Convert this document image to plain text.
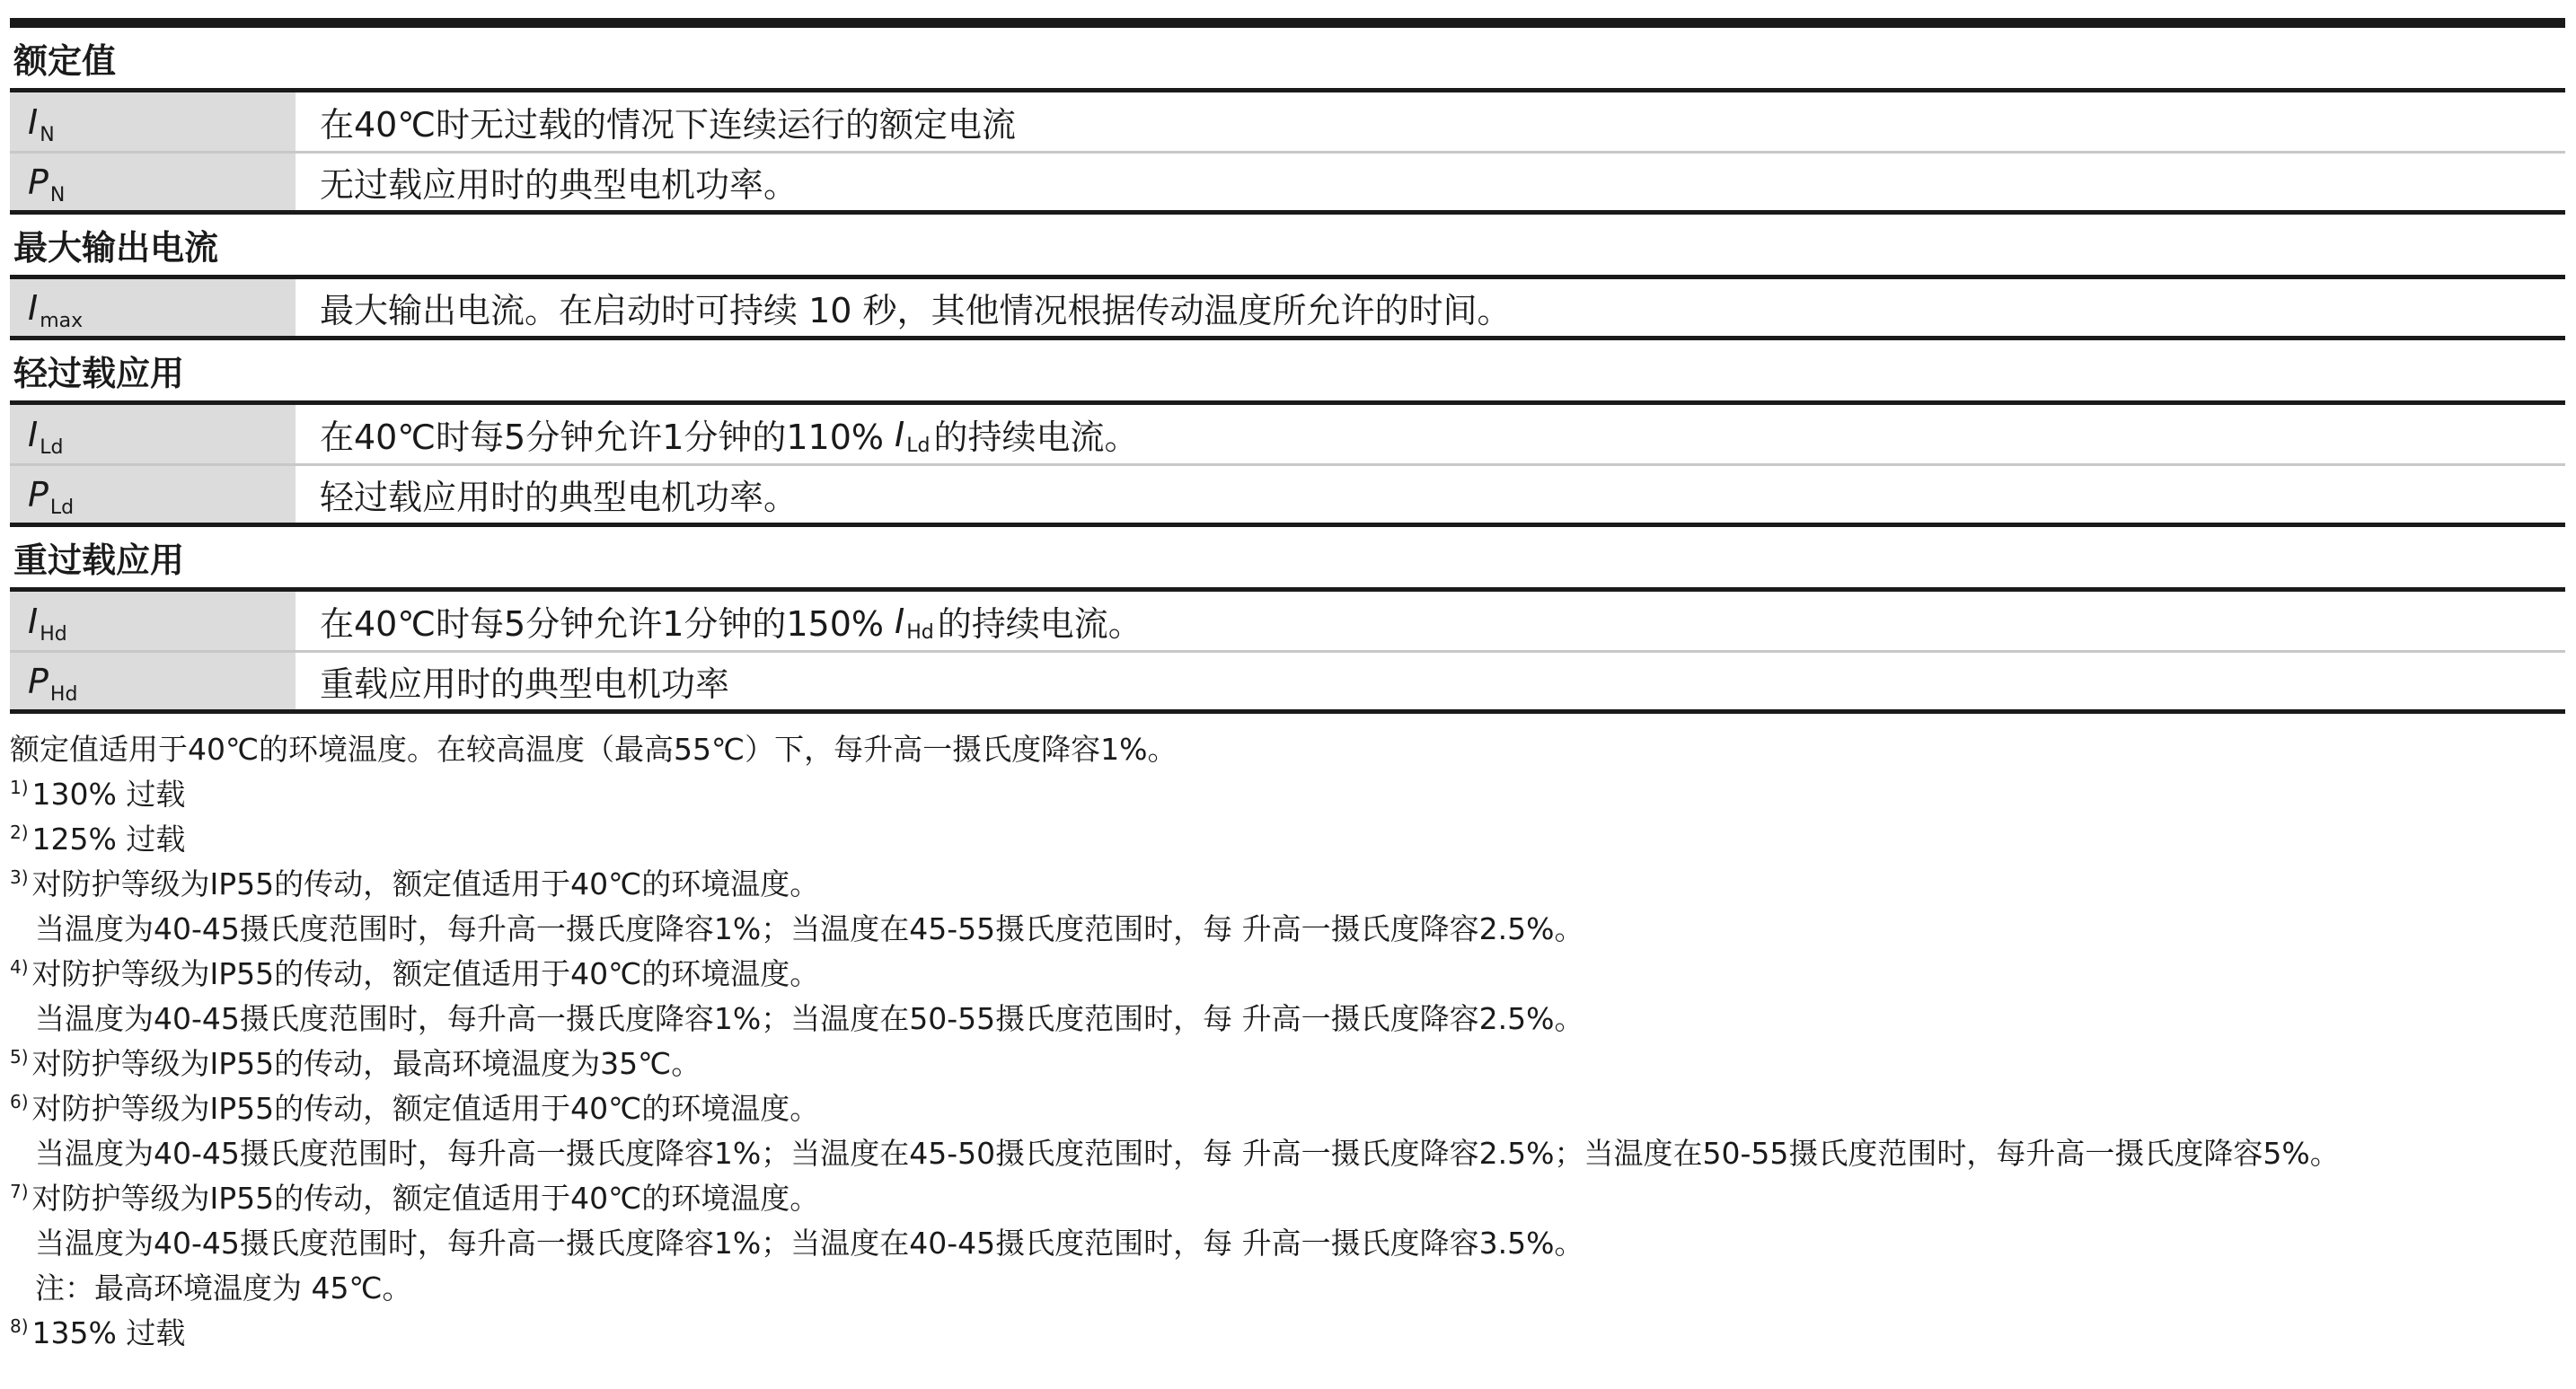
额定值
I N	在40℃时无过载的情况下连续运行的额定电流
P N	无过载应用时的典型电机功率。
最大输出电流
I max	最大输出电流。在启动时可持续 10 秒，其他情况根据传动温度所允许的时间。
轻过载应用
I Ld	在40℃时每5分钟允许1分钟的110% I Ld 的持续电流。
P Ld	轻过载应用时的典型电机功率。
重过载应用
I Hd	在40℃时每5分钟允许1分钟的150% I Hd 的持续电流。
P Hd	重载应用时的典型电机功率
额定值适用于40℃的环境温度。在较高温度（最高55℃）下，每升高一摄氏度降容1%。
$^{1)}$ 130% 过载
$^{2)}$ 125% 过载
$^{3)}$ 对防护等级为IP55的传动，额定值适用于40℃的环境温度。
当温度为40-45摄氏度范围时，每升高一摄氏度降容1%；当温度在45-55摄氏度范围时，每 升高一摄氏度降容2.5%。
$^{4)}$ 对防护等级为IP55的传动，额定值适用于40℃的环境温度。
当温度为40-45摄氏度范围时，每升高一摄氏度降容1%；当温度在50-55摄氏度范围时，每 升高一摄氏度降容2.5%。
$^{5)}$ 对防护等级为IP55的传动，最高环境温度为35℃。
$^{6)}$ 对防护等级为IP55的传动，额定值适用于40℃的环境温度。
当温度为40-45摄氏度范围时，每升高一摄氏度降容1%；当温度在45-50摄氏度范围时，每 升高一摄氏度降容2.5%；当温度在50-55摄氏度范围时，每升高一摄氏度降容5%。
$^{7)}$ 对防护等级为IP55的传动，额定值适用于40℃的环境温度。
当温度为40-45摄氏度范围时，每升高一摄氏度降容1%；当温度在40-45摄氏度范围时，每 升高一摄氏度降容3.5%。
注：最高环境温度为 45℃。
$^{8)}$ 135% 过载
